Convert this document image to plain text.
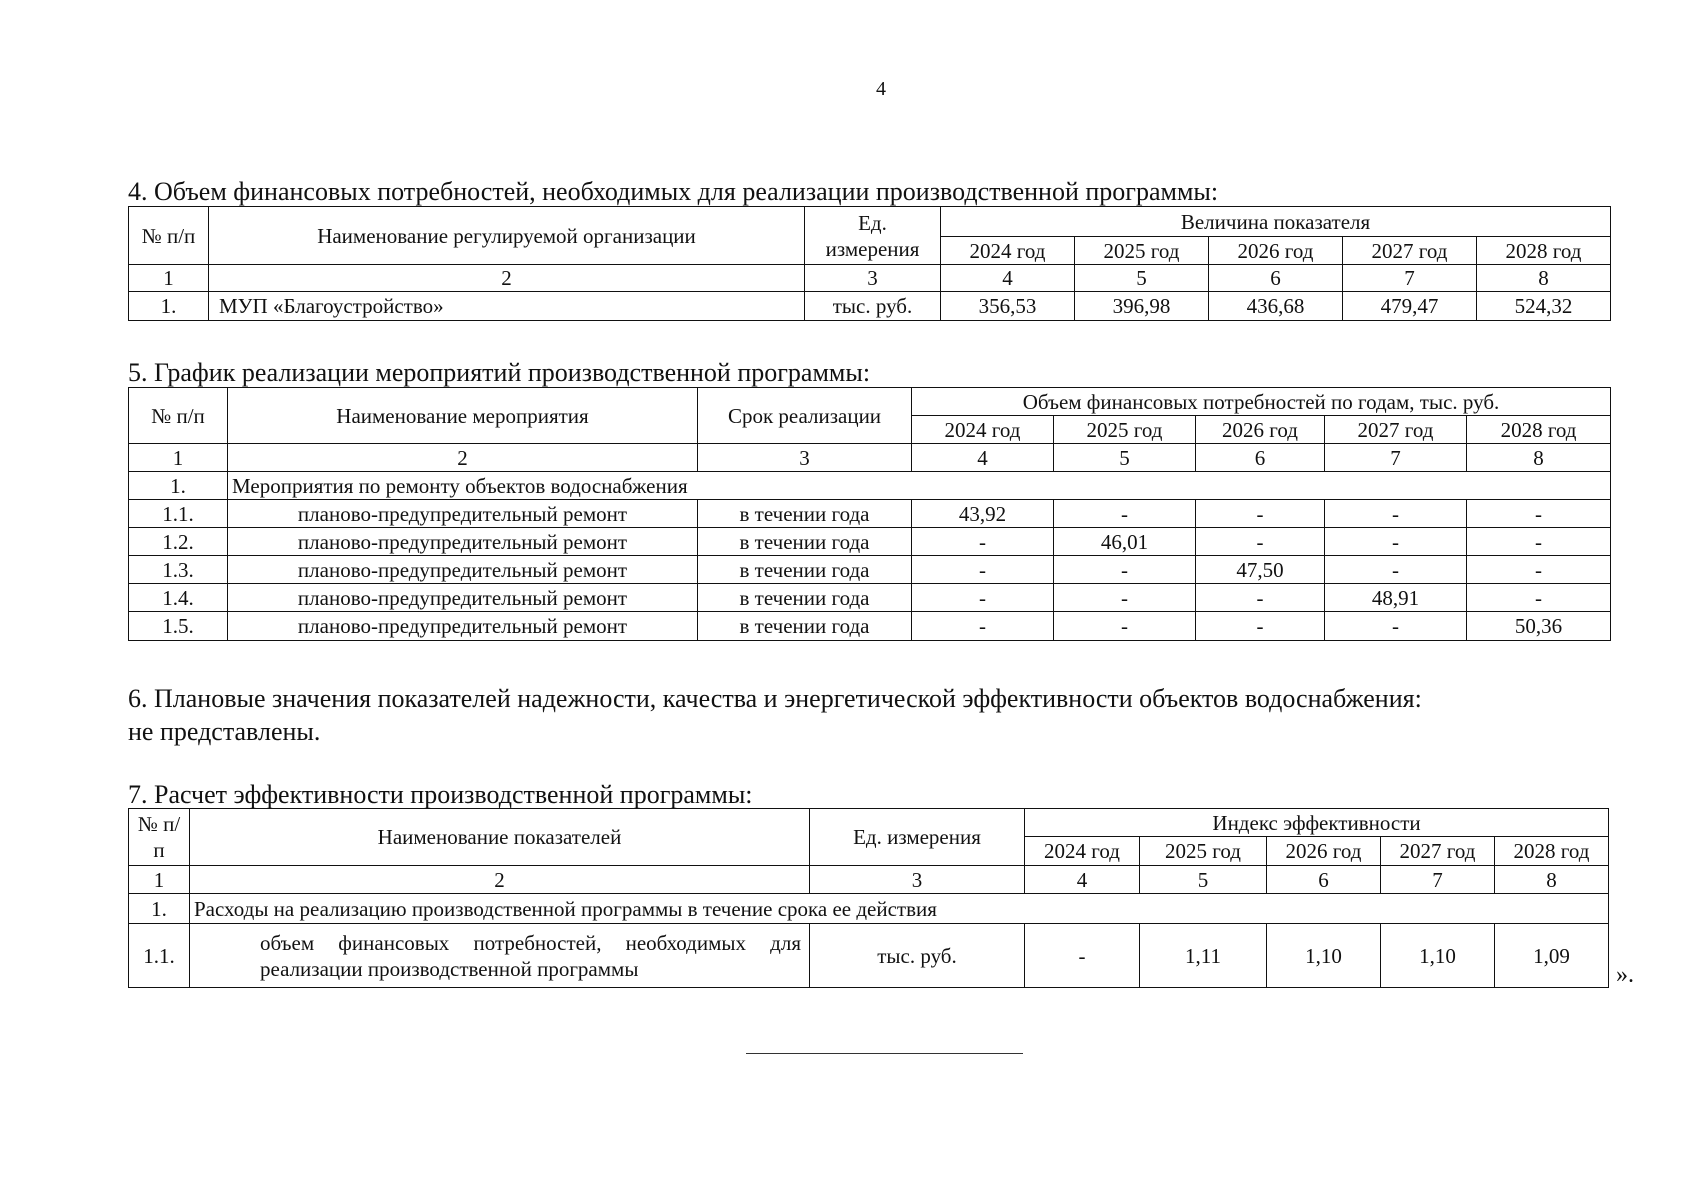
4
4. Объем финансовых потребностей, необходимых для реализации производственной программы:
№ п/п	Наименование регулируемой организации	Ед. измерения	Величина показателя				
			2024 год	2025 год	2026 год	2027 год	2028 год
1	2	3	4	5	6	7	8
1.	МУП «Благоустройство»	тыс. руб.	356,53	396,98	436,68	479,47	524,32
5. График реализации мероприятий производственной программы:
№ п/п	Наименование мероприятия	Срок реализации	Объем финансовых потребностей по годам, тыс. руб.				
			2024 год	2025 год	2026 год	2027 год	2028 год
1	2	3	4	5	6	7	8
1.	Мероприятия по ремонту объектов водоснабжения						
1.1.	планово-предупредительный ремонт	в течении года	43,92	-	-	-	-
1.2.	планово-предупредительный ремонт	в течении года	-	46,01	-	-	-
1.3.	планово-предупредительный ремонт	в течении года	-	-	47,50	-	-
1.4.	планово-предупредительный ремонт	в течении года	-	-	-	48,91	-
1.5.	планово-предупредительный ремонт	в течении года	-	-	-	-	50,36
6. Плановые значения показателей надежности, качества и энергетической эффективности объектов водоснабжения:
не представлены.
7. Расчет эффективности производственной программы:
№ п/п	Наименование показателей	Ед. измерения	Индекс эффективности				
			2024 год	2025 год	2026 год	2027 год	2028 год
1	2	3	4	5	6	7	8
1.	Расходы на реализацию производственной программы в течение срока ее действия						
1.1.	объем финансовых потребностей, необходимых для реализации производственной программы	тыс. руб.	-	1,11	1,10	1,10	1,09
».
